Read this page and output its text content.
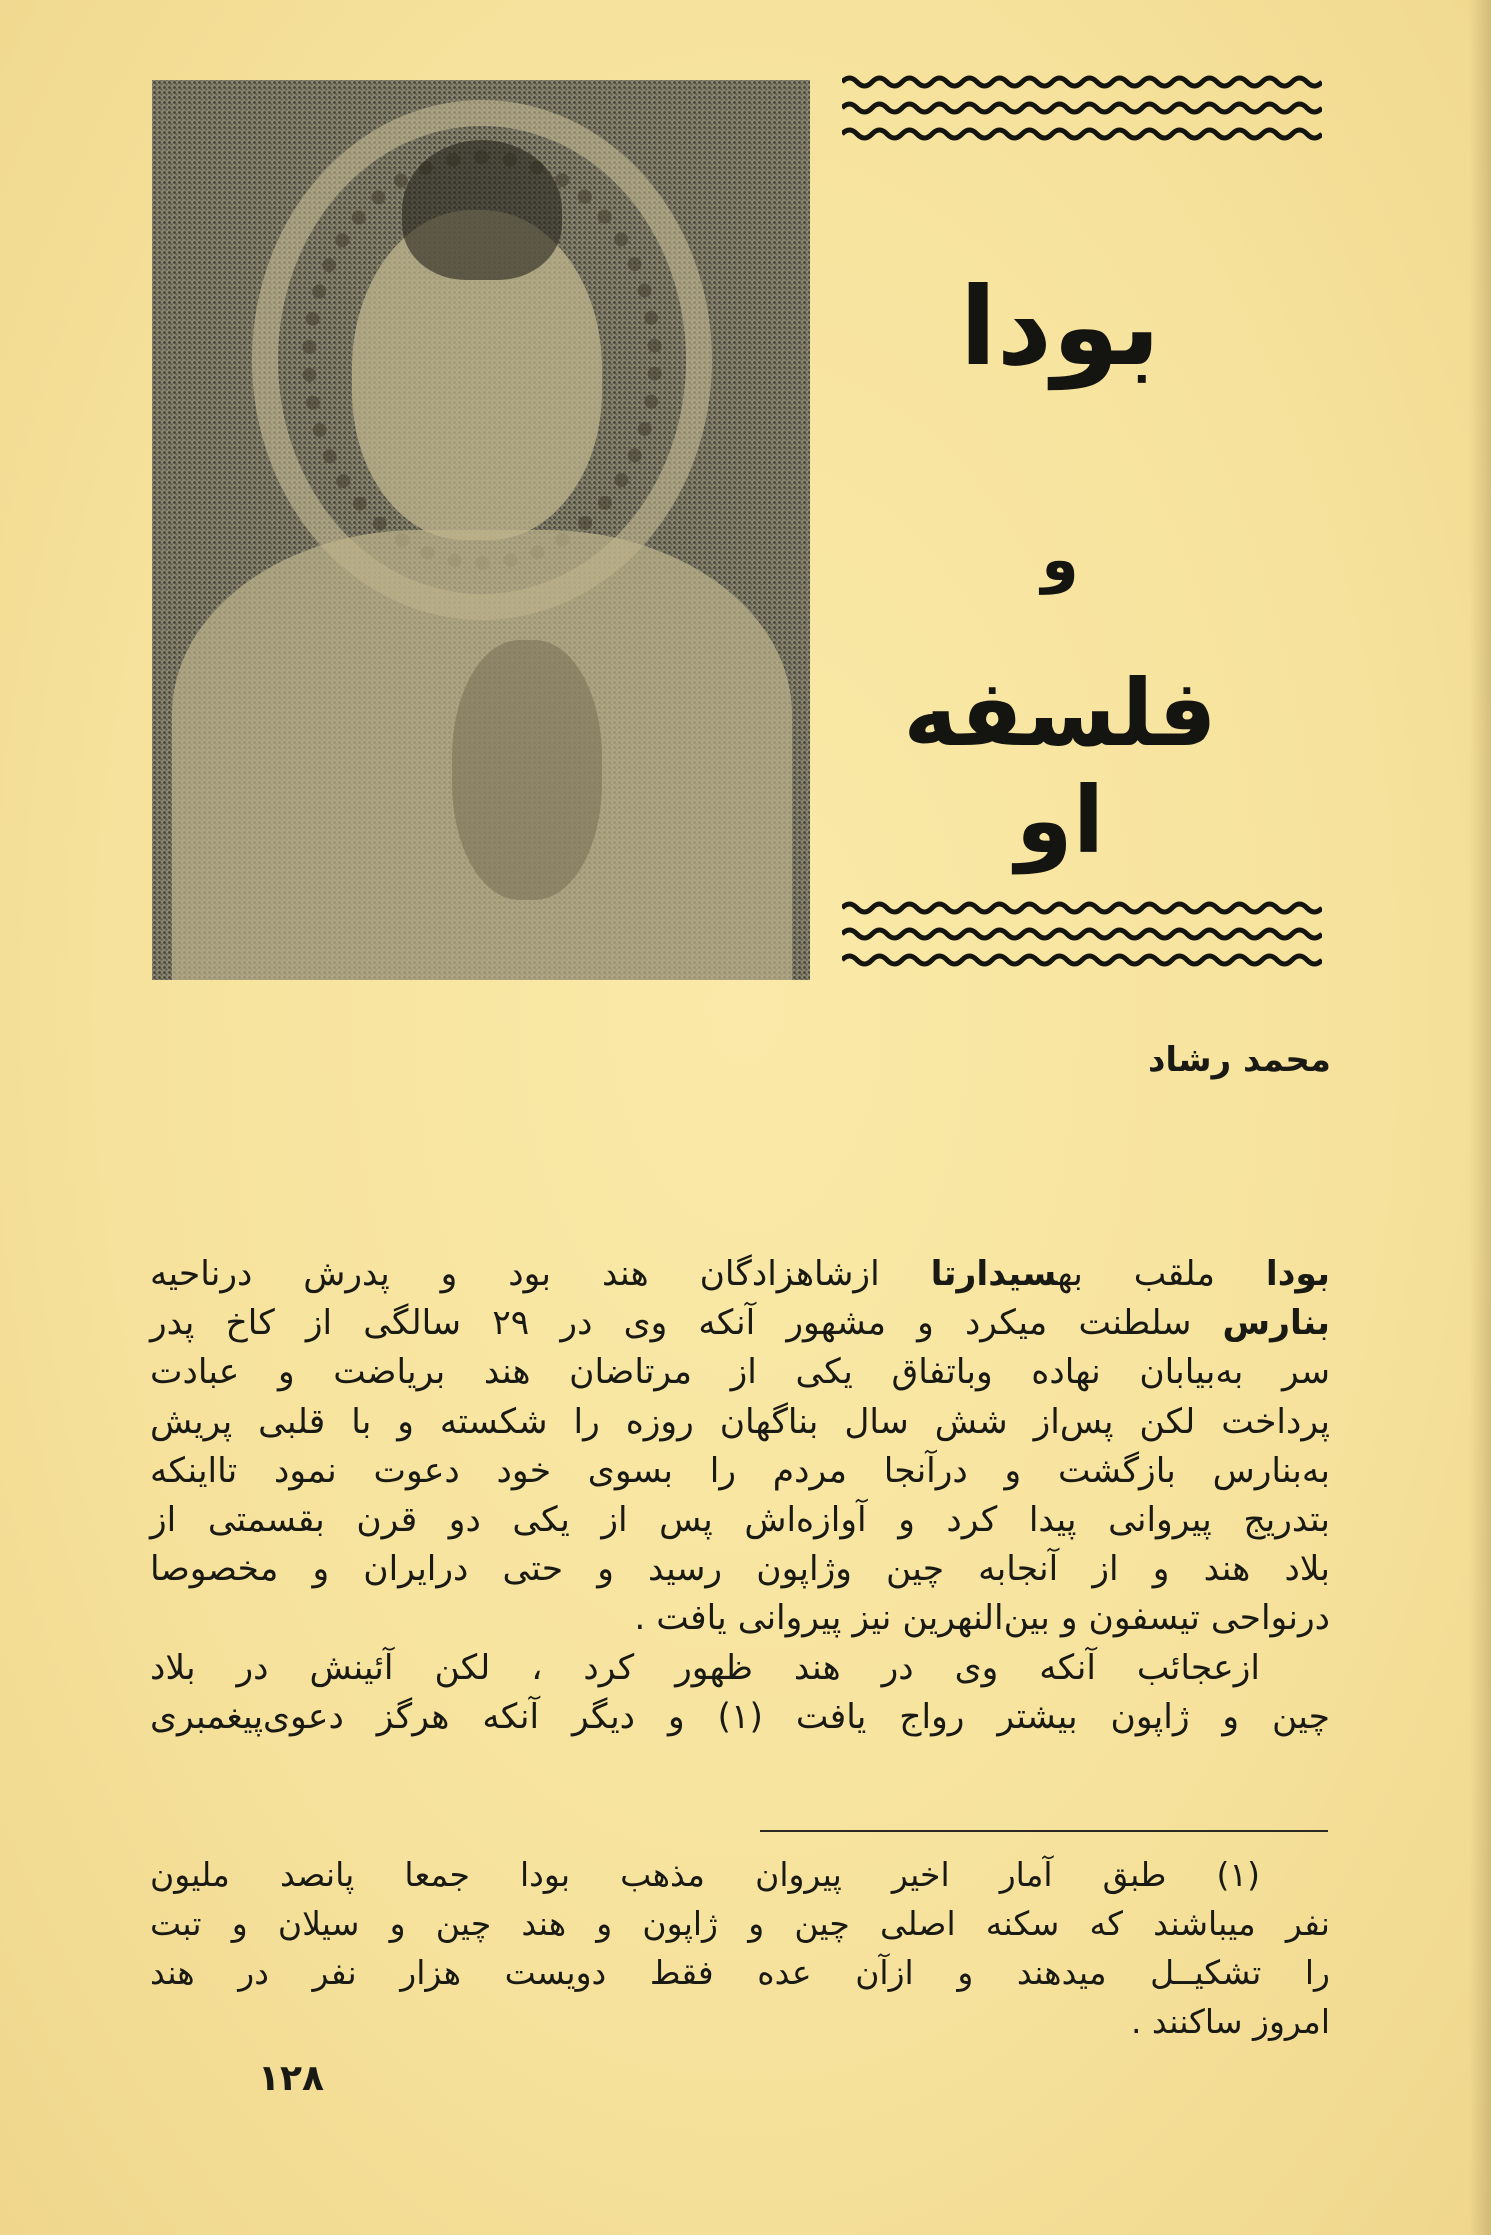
بودا
و
فلسفه او
محمد رشاد
بودا ملقب بهسیدارتا ازشاهزادگان هند بود و پدرش درناحیه
بنارس سلطنت میکرد و مشهور آنکه وی در ۲۹ سالگی از کاخ پدر
سر به‌بیابان نهاده وباتفاق یکی از مرتاضان هند بریاضت و عبادت
پرداخت لکن پس‌از شش سال بناگهان روزه را شکسته و با قلبی پریش
به‌بنارس بازگشت و درآنجا مردم را بسوی خود دعوت نمود تااینکه
بتدریج پیروانی پیدا کرد و آوازه‌اش پس از یکی دو قرن بقسمتی از
بلاد هند و از آنجابه چین وژاپون رسید و حتی درایران و مخصوصا
درنواحی تیسفون و بین‌النهرین نیز پیروانی یافت .
ازعجائب آنکه وی در هند ظهور کرد ، لکن آئینش در بلاد
چین و ژاپون بیشتر رواج یافت (۱) و دیگر آنکه هرگز دعوی‌پیغمبری
(۱) طبق آمار اخیر پیروان مذهب بودا جمعا پانصد ملیون
نفر میباشند که سکنه اصلی چین و ژاپون و هند چین و سیلان و تبت
را تشکیــل میدهند و ازآن عده فقط دویست هزار نفر در هند
امروز ساکنند .
۱۲۸
